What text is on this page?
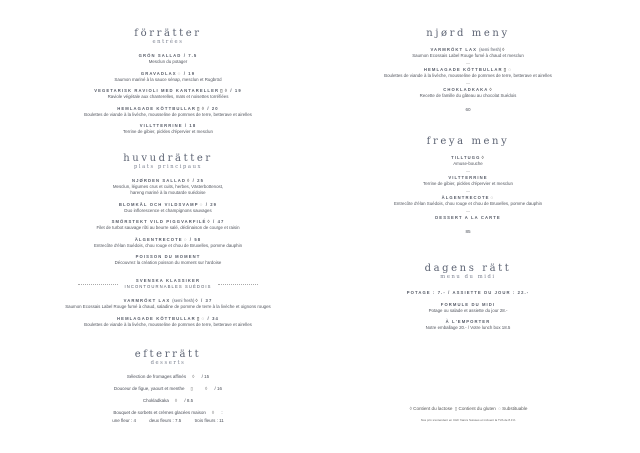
förrätter
entrées
GRÖN SALLAD / 7.5
Mesclun du potager
GRAVADLAX◌ / 19
Saumon mariné à la sauce sénap, mesclun et Rugbröd
VEGETARISK RAVIOLI MED KANTARELLER▯◊ / 19
Raviole végétale aux chanterelles, maïs et noisettes torréfiées
HEMLAGADE KÖTTBULLAR▯◊ / 20
Boulettes de viande à la livèche, mousseline de pommes de terre, betterave et airelles
VILLTTERRINE / 18
Terrine de gibier, pickles d'épervier et mesclun
huvudrätter
plats principaux
NJØRDEN SALLAD◊ / 25
Mesclun, légumes crus et cuits, herbes, Västerbottenost,
hareng mariné à la moutarde suédoise
BLOMKÅL OCH VILDSVAMP◌ / 29
Duo inflorescence et champignons sauvages
SMÖRSTEKT VILD PIGGVARFILÉ◊ / 47
Filet de turbot sauvage rôti au beurre salé, déclinaison de courge et raisin
ÄLGENTRECOTE◌ / 58
Entrecôte d'élan Suédois, chou rouge et chou de Bruxelles, pomme dauphin
POISSON DU MOMENT
Découvrez la création poisson du moment sur l'ardoise
SVENSKA KLASSIKER
INCONTOURNABLES SUÉDOIS
VARMRÖKT LAX (semi fresh)◊ / 37
Saumon Ecossais Label Rouge fumé à chaud, saladine de pomme de terre à la livèche et oignons rouges
HEMLAGADE KÖTTBULLAR▯◌ / 34
Boulettes de viande à la livèche, mousseline de pommes de terre, betterave et airelles
efterrätt
desserts
Sélection de fromages affinés ◊ / 15
Douceur de figue, yaourt et menthe ▯	◊ / 16
Chokladkaka ◊ / 8.5
Bouquet de sorbets et crèmes glacées maison ◊ :
une fleur : 4	deux fleurs : 7.5	trois fleurs : 11
njørd meny
VARMRÖKT LAX (semi fresh)◊
Saumon Ecossais Label Rouge fumé à chaud et mesclun
—
HEMLAGADE KÖTTBULLAR▯◌
Boulettes de viande à la livèche, mousseline de pommes de terre, betterave et airelles
—
CHOKLADKAKA◊
Recette de famille du gâteau au chocolat Suédois
60
freya meny
TILLTUGG◊
Amuse-bouche
—
VILTTERRINE
Terrine de gibier, pickles d'épervier et mesclun
—
ÄLGENTRECOTE◌
Entrecôte d'élan Suédois, chou rouge et chou de Bruxelles, pomme dauphin
—
DESSERT A LA CARTE
85
dagens rätt
menu du midi
POTAGE : 7.- / ASSIETTE DU JOUR : 22.-
FORMULE DU MIDI
Potage ou salade et assiette du jour 28.-
À L'EMPORTER
Notre emballage 20.- / Votre lunch box 18.5
◊ Contient du lactose ▯ Contient du gluten ◌ Substituable
Nos prix s'entendent en CHF francs Suisses et incluent la TVA de 8.1%
